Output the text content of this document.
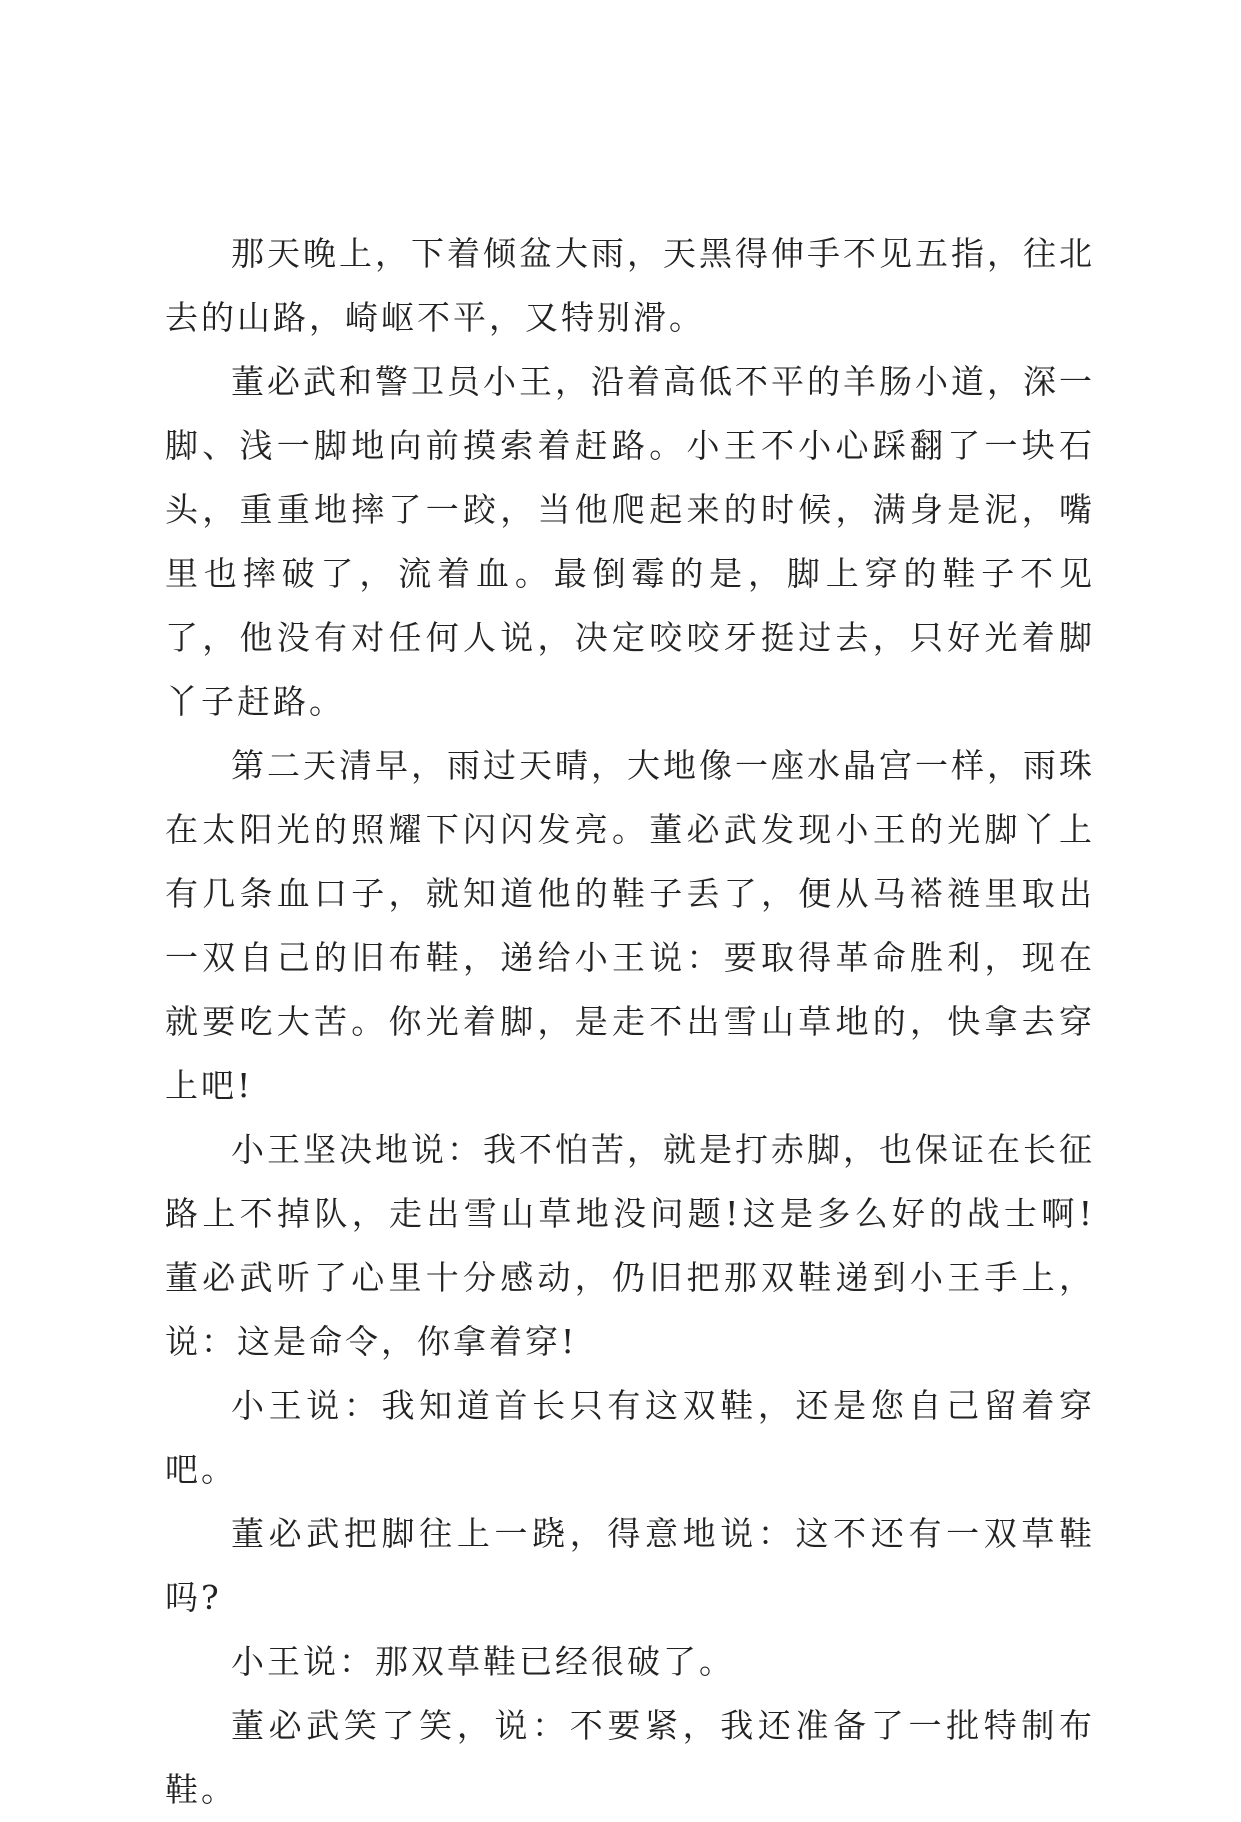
那天晚上，下着倾盆大雨，天黑得伸手不见五指，往北去的山路，崎岖不平，又特别滑。

董必武和警卫员小王，沿着高低不平的羊肠小道，深一脚、浅一脚地向前摸索着赶路。小王不小心踩翻了一块石头，重重地摔了一跤，当他爬起来的时候，满身是泥，嘴里也摔破了，流着血。最倒霉的是，脚上穿的鞋子不见了，他没有对任何人说，决定咬咬牙挺过去，只好光着脚丫子赶路。

第二天清早，雨过天晴，大地像一座水晶宫一样，雨珠在太阳光的照耀下闪闪发亮。董必武发现小王的光脚丫上有几条血口子，就知道他的鞋子丢了，便从马褡裢里取出一双自己的旧布鞋，递给小王说：要取得革命胜利，现在就要吃大苦。你光着脚，是走不出雪山草地的，快拿去穿上吧!

小王坚决地说：我不怕苦，就是打赤脚，也保证在长征路上不掉队，走出雪山草地没问题!这是多么好的战士啊!董必武听了心里十分感动，仍旧把那双鞋递到小王手上，说：这是命令，你拿着穿!

小王说：我知道首长只有这双鞋，还是您自己留着穿吧。

董必武把脚往上一跷，得意地说：这不还有一双草鞋吗?

小王说：那双草鞋已经很破了。

董必武笑了笑，说：不要紧，我还准备了一批特制布鞋。
